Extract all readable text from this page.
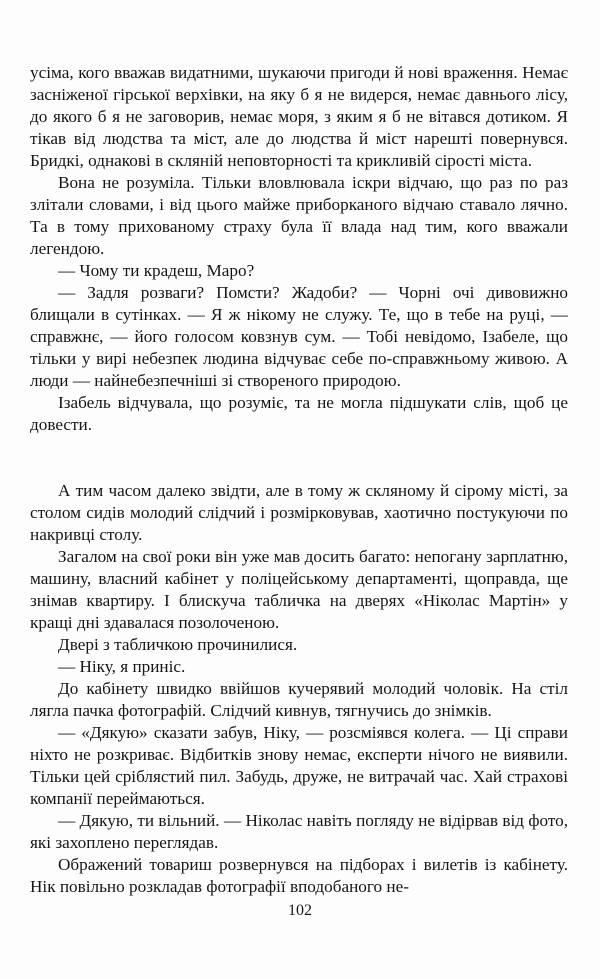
усіма, кого вважав видатними, шукаючи пригоди й нові враження. Немає засніженої гірської верхівки, на яку б я не видерся, немає давнього лісу, до якого б я не заговорив, немає моря, з яким я б не вітався дотиком. Я тікав від людства та міст, але до людства й міст нарешті повернувся. Бридкі, однакові в скляній неповторності та крикливій сірості міста.

Вона не розуміла. Тільки вловлювала іскри відчаю, що раз по раз злітали словами, і від цього майже приборканого відчаю ставало лячно. Та в тому прихованому страху була її влада над тим, кого вважали легендою.

— Чому ти крадеш, Маро?

— Задля розваги? Помсти? Жадоби? — Чорні очі дивовижно блищали в сутінках. — Я ж нікому не служу. Те, що в тебе на руці, — справжнє, — його голосом ковзнув сум. — Тобі невідомо, Ізабеле, що тільки у вирі небезпек людина відчуває себе по-справжньому живою. А люди — найнебезпечніші зі створеного природою.

Ізабель відчувала, що розуміє, та не могла підшукати слів, щоб це довести.

А тим часом далеко звідти, але в тому ж скляному й сірому місті, за столом сидів молодий слідчий і розмірковував, хаотично постукуючи по накривці столу.

Загалом на свої роки він уже мав досить багато: непогану зарплатню, машину, власний кабінет у поліцейському департаменті, щоправда, ще знімав квартиру. І блискуча табличка на дверях «Ніколас Мартін» у кращі дні здавалася позолоченою.

Двері з табличкою прочинилися.

— Ніку, я приніс.

До кабінету швидко ввійшов кучерявий молодий чоловік. На стіл лягла пачка фотографій. Слідчий кивнув, тягнучись до знімків.

— «Дякую» сказати забув, Ніку, — розсміявся колега. — Ці справи ніхто не розкриває. Відбитків знову немає, експерти нічого не виявили. Тільки цей сріблястий пил. Забудь, друже, не витрачай час. Хай страхові компанії переймаються.

— Дякую, ти вільний. — Ніколас навіть погляду не відірвав від фото, які захоплено переглядав.

Ображений товариш розвернувся на підборах і вилетів із кабінету. Нік повільно розкладав фотографії вподобаного не-

102
